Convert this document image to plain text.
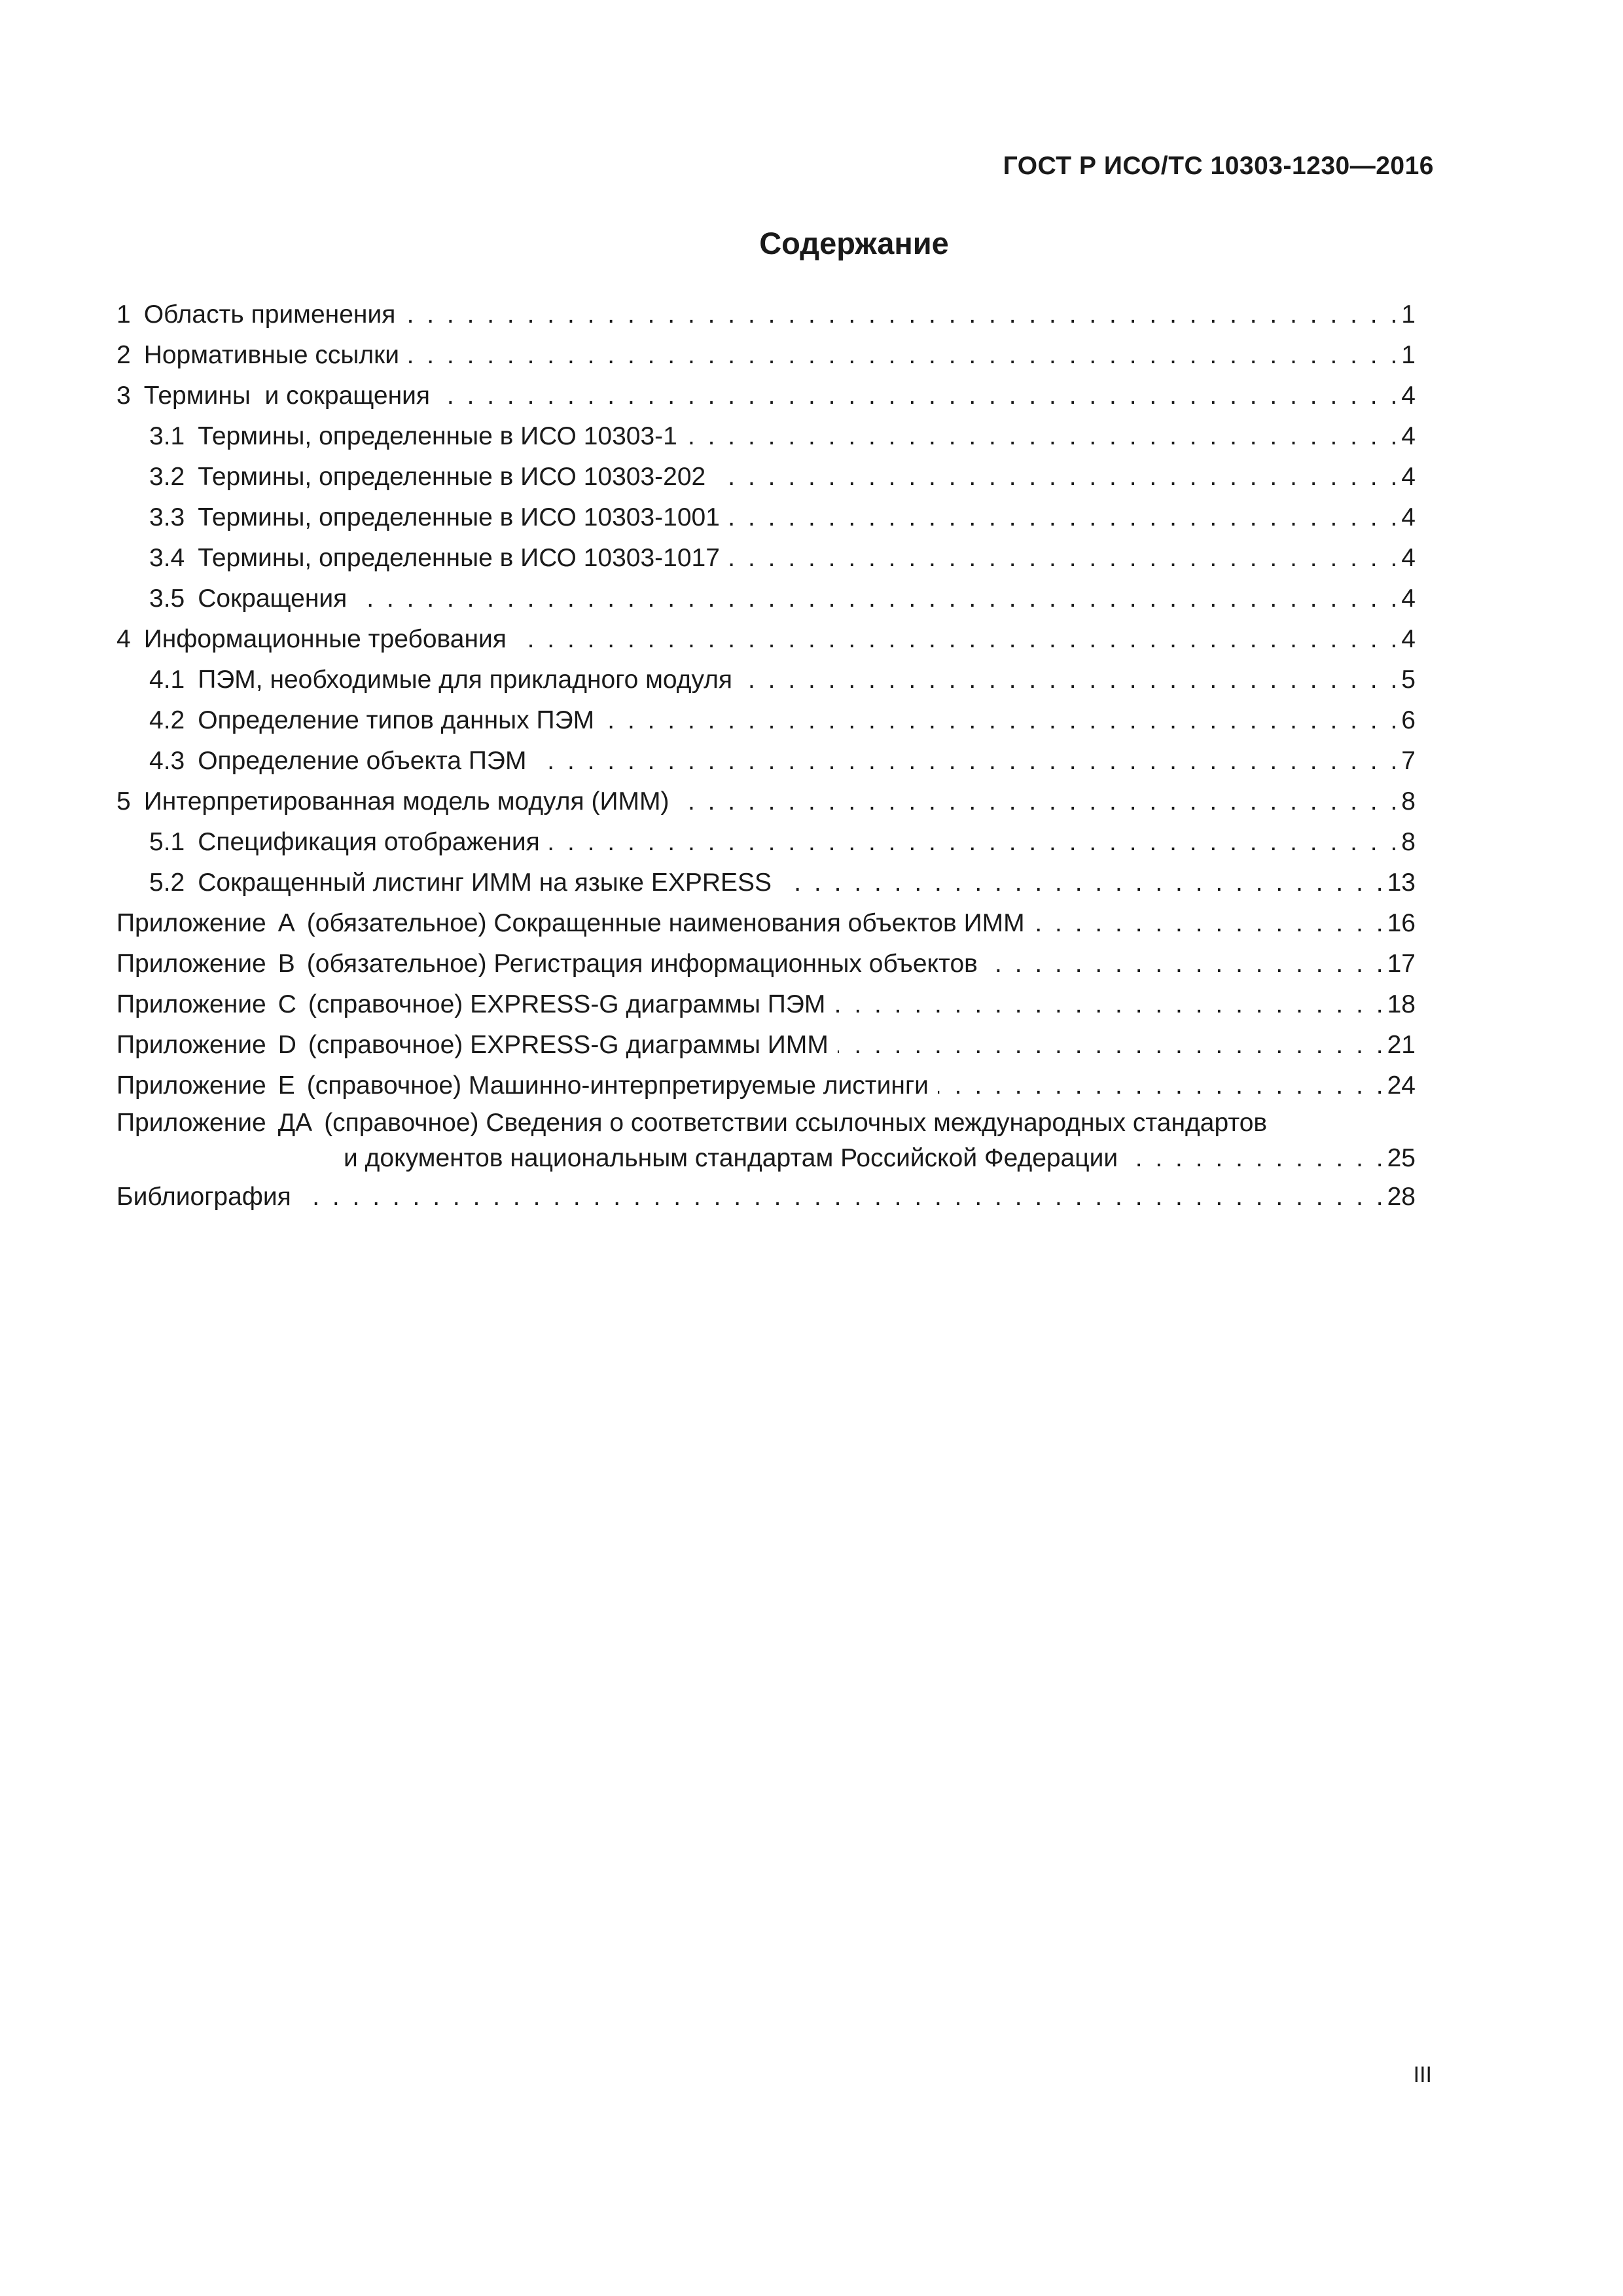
ГОСТ Р ИСО/ТС 10303-1230—2016
Содержание
1 Область применения . . .	1
2 Нормативные ссылки . . .	1
3 Термины  и сокращения . . .	4
3.1 Термины, определенные в ИСО 10303-1 . . .	4
3.2 Термины, определенные в ИСО 10303-202 . . .	4
3.3 Термины, определенные в ИСО 10303-1001 . . .	4
3.4 Термины, определенные в ИСО 10303-1017 . . .	4
3.5 Сокращения . . .	4
4 Информационные требования . . .	4
4.1 ПЭМ, необходимые для прикладного модуля . . .	5
4.2 Определение типов данных ПЭМ . . .	6
4.3 Определение объекта ПЭМ . . .	7
5 Интерпретированная модель модуля (ИММ) . . .	8
5.1 Спецификация отображения . . .	8
5.2 Сокращенный листинг ИММ на языке EXPRESS . . .	13
Приложение А (обязательное) Сокращенные наименования объектов ИММ . . .	16
Приложение В (обязательное) Регистрация информационных объектов . . .	17
Приложение С (справочное) EXPRESS-G диаграммы ПЭМ . . .	18
Приложение D (справочное) EXPRESS-G диаграммы ИММ . . .	21
Приложение Е (справочное) Машинно-интерпретируемые листинги . . .	24
Приложение ДА (справочное) Сведения о соответствии ссылочных международных стандартов
и документов национальным стандартам Российской Федерации . . .	25
Библиография . . .	28
III
